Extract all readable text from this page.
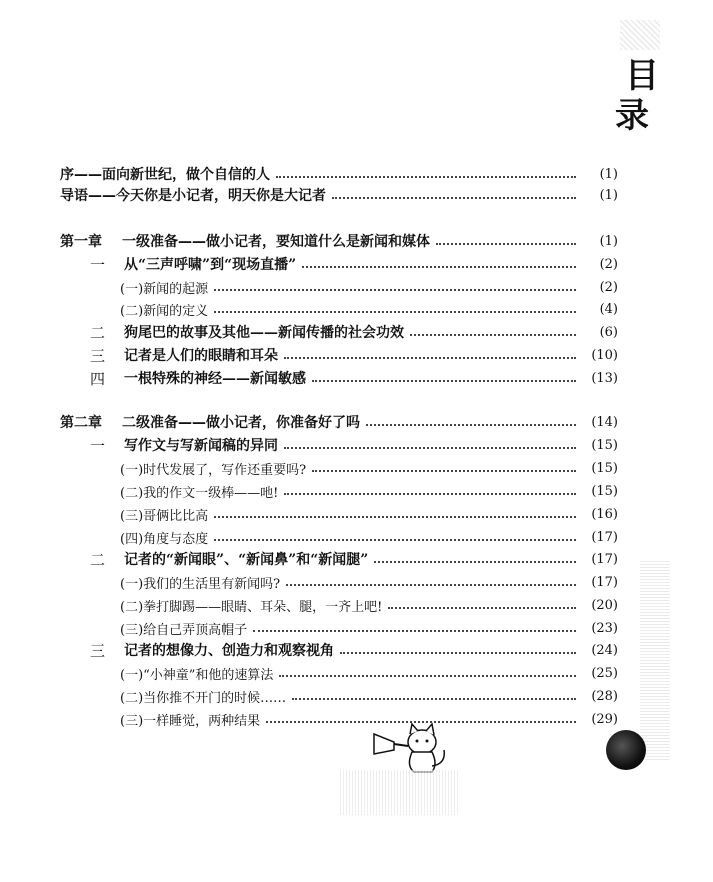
目
录
序——面向新世纪，做个自信的人	(1)
导语——今天你是小记者，明天你是大记者	(1)
第一章	一级准备——做小记者，要知道什么是新闻和媒体	(1)
一	从“三声呼啸”到“现场直播”	(2)
(一)新闻的起源	(2)
(二)新闻的定义	(4)
二	狗尾巴的故事及其他——新闻传播的社会功效	(6)
三	记者是人们的眼睛和耳朵	(10)
四	一根特殊的神经——新闻敏感	(13)
第二章	二级准备——做小记者，你准备好了吗	(14)
一	写作文与写新闻稿的异同	(15)
(一)时代发展了，写作还重要吗?	(15)
(二)我的作文一级棒——吔!	(15)
(三)哥俩比比高	(16)
(四)角度与态度	(17)
二	记者的“新闻眼”、“新闻鼻”和“新闻腿”	(17)
(一)我们的生活里有新闻吗?	(17)
(二)拳打脚踢——眼睛、耳朵、腿，一齐上吧!	(20)
(三)给自己弄顶高帽子	(23)
三	记者的想像力、创造力和观察视角	(24)
(一)“小神童”和他的速算法	(25)
(二)当你推不开门的时候……	(28)
(三)一样睡觉，两种结果	(29)
